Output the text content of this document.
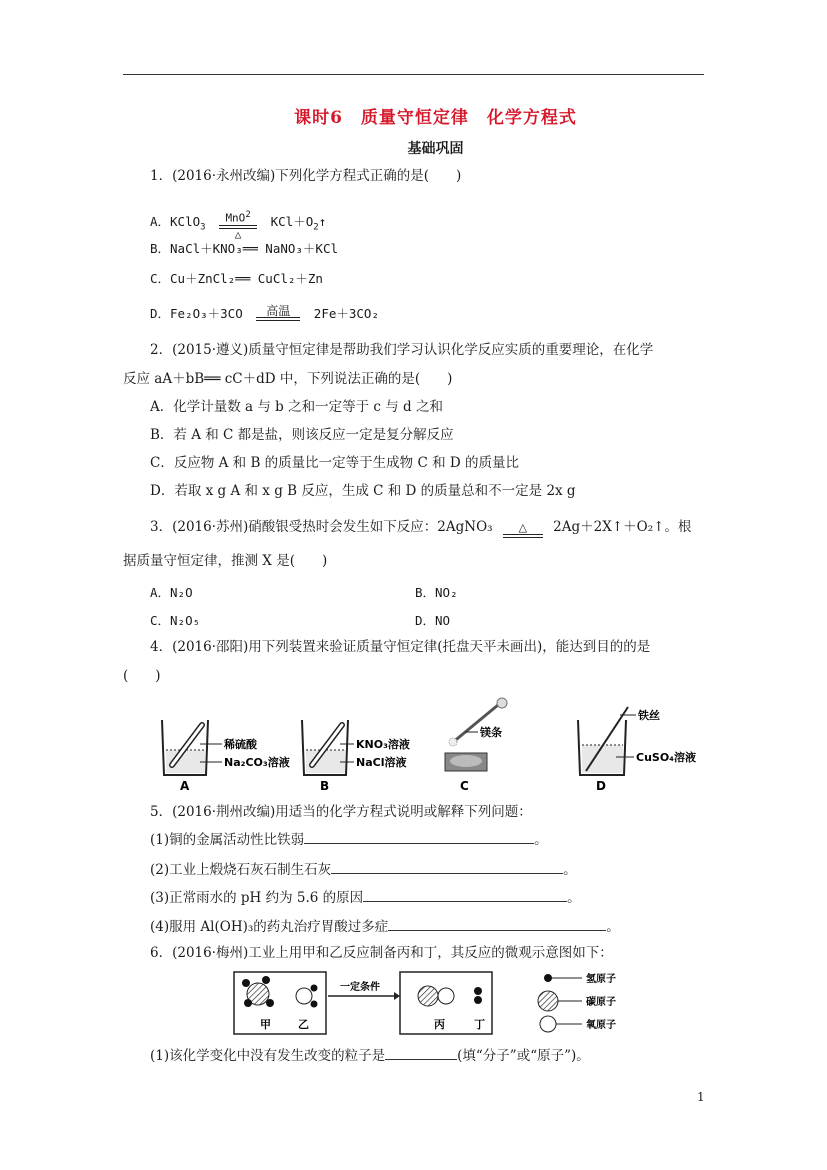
课时6　质量守恒定律　化学方程式
基础巩固
1．(2016·永州改编)下列化学方程式正确的是(　　)
A．KClO$_3$
MnO$^2$
△
$KCl+O_2↑$
B．NaCl＋KNO₃══ NaNO₃＋KCl
C．Cu＋ZnCl₂══ CuCl₂＋Zn
D．Fe₂O₃＋3CO	高温	2Fe＋3CO₂
2．(2015·遵义)质量守恒定律是帮助我们学习认识化学反应实质的重要理论，在化学
反应 aA＋bB══ cC＋dD 中，下列说法正确的是(　　)
A．化学计量数 a 与 b 之和一定等于 c 与 d 之和
B．若 A 和 C 都是盐，则该反应一定是复分解反应
C．反应物 A 和 B 的质量比一定等于生成物 C 和 D 的质量比
D．若取 x g A 和 x g B 反应，生成 C 和 D 的质量总和不一定是 2x g
3．(2016·苏州)硝酸银受热时会发生如下反应：2AgNO₃	△	2Ag＋2X↑＋O₂↑。根
据质量守恒定律，推测 X 是(　　)
A．N₂O	B．NO₂
C．N₂O₅	D．NO
4．(2016·邵阳)用下列装置来验证质量守恒定律(托盘天平未画出)，能达到目的的是
(　　)
稀硫酸
Na₂CO₃溶液
A
KNO₃溶液
NaCl溶液
B
镁条
C
铁丝
CuSO₄溶液
D
5．(2016·荆州改编)用适当的化学方程式说明或解释下列问题：
(1)铜的金属活动性比铁弱	。
(2)工业上煅烧石灰石制生石灰	。
(3)正常雨水的 pH 约为 5.6 的原因	。
(4)服用 Al(OH)₃的药丸治疗胃酸过多症	。
6．(2016·梅州)工业上用甲和乙反应制备丙和丁，其反应的微观示意图如下：
甲 乙
一定条件
丙	丁
氢原子
碳原子
氧原子
(1)该化学变化中没有发生改变的粒子是	(填“分子”或“原子”)。
1
